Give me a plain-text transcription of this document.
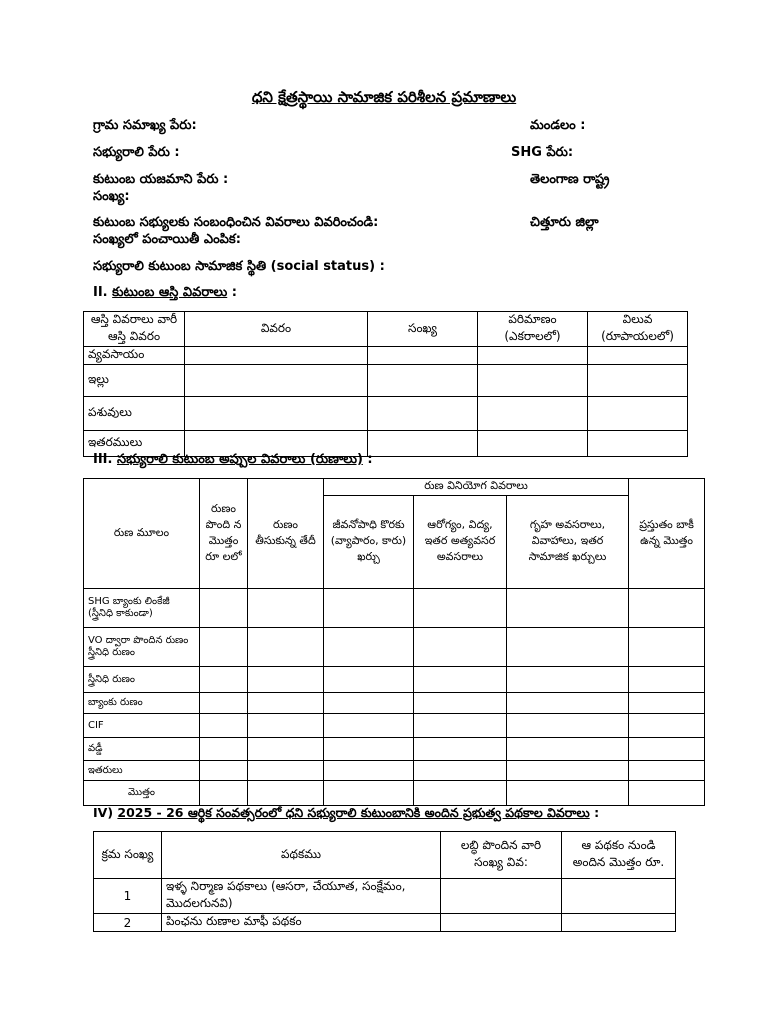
ధని క్షేత్రస్థాయి సామాజిక పరిశీలన ప్రమాణాలు
గ్రామ సమాఖ్య పేరు:	మండలం :
సభ్యురాలి పేరు :	SHG పేరు:
కుటుంబ యజమాని పేరు :	తెలంగాణ రాష్ట్ర
సంఖ్య:
కుటుంబ సభ్యులకు సంబంధించిన వివరాలు వివరించండి:	చిత్తూరు జిల్లా
సంఖ్యలో పంచాయితీ ఎంపిక:
సభ్యురాలి కుటుంబ సామాజిక స్థితి (social status) :
II. కుటుంబ ఆస్తి వివరాలు :
ఆస్తి వివరాలు వారీ ఆస్తి వివరం	వివరం	సంఖ్య	పరిమాణం (ఎకరాలలో)	విలువ (రూపాయలలో)
వ్యవసాయం				
ఇల్లు				
పశువులు				
ఇతరములు				
III. సభ్యురాలి కుటుంబ అప్పుల వివరాలు (రుణాలు) :
రుణ మూలం	రుణం పొంది న మొత్తం రూ లలో	రుణం తీసుకున్న తేదీ	రుణ వినియోగ వివరాలు			ప్రస్తుతం బాకీ ఉన్న మొత్తం
			జీవనోపాధి కొరకు (వ్యాపారం, కారు) ఖర్చు	ఆరోగ్యం, విద్య, ఇతర అత్యవసర అవసరాలు	గృహ అవసరాలు, వివాహాలు, ఇతర సామాజిక ఖర్చులు	
SHG బ్యాంకు లింకేజీ (స్త్రీనిధి కాకుండా)						
VO ద్వారా పొందిన రుణం స్త్రీనిధి రుణం						
స్త్రీనిధి రుణం						
బ్యాంకు రుణం						
CIF						
వడ్డీ						
ఇతరులు						
మొత్తం						
IV) 2025 - 26 ఆర్థిక సంవత్సరంలో ధని సభ్యురాలి కుటుంబానికి అందిన ప్రభుత్వ పథకాల వివరాలు :
క్రమ సంఖ్య	పథకము	లబ్ధి పొందిన వారి సంఖ్య వివ:	ఆ పథకం నుండి అందిన మొత్తం రూ.
1	ఇళ్ళ నిర్మాణ పథకాలు (ఆసరా, చేయూత, సంక్షేమం, మొదలగునవి)		
2	పింఛను రుణాల మాఫీ పథకం		
